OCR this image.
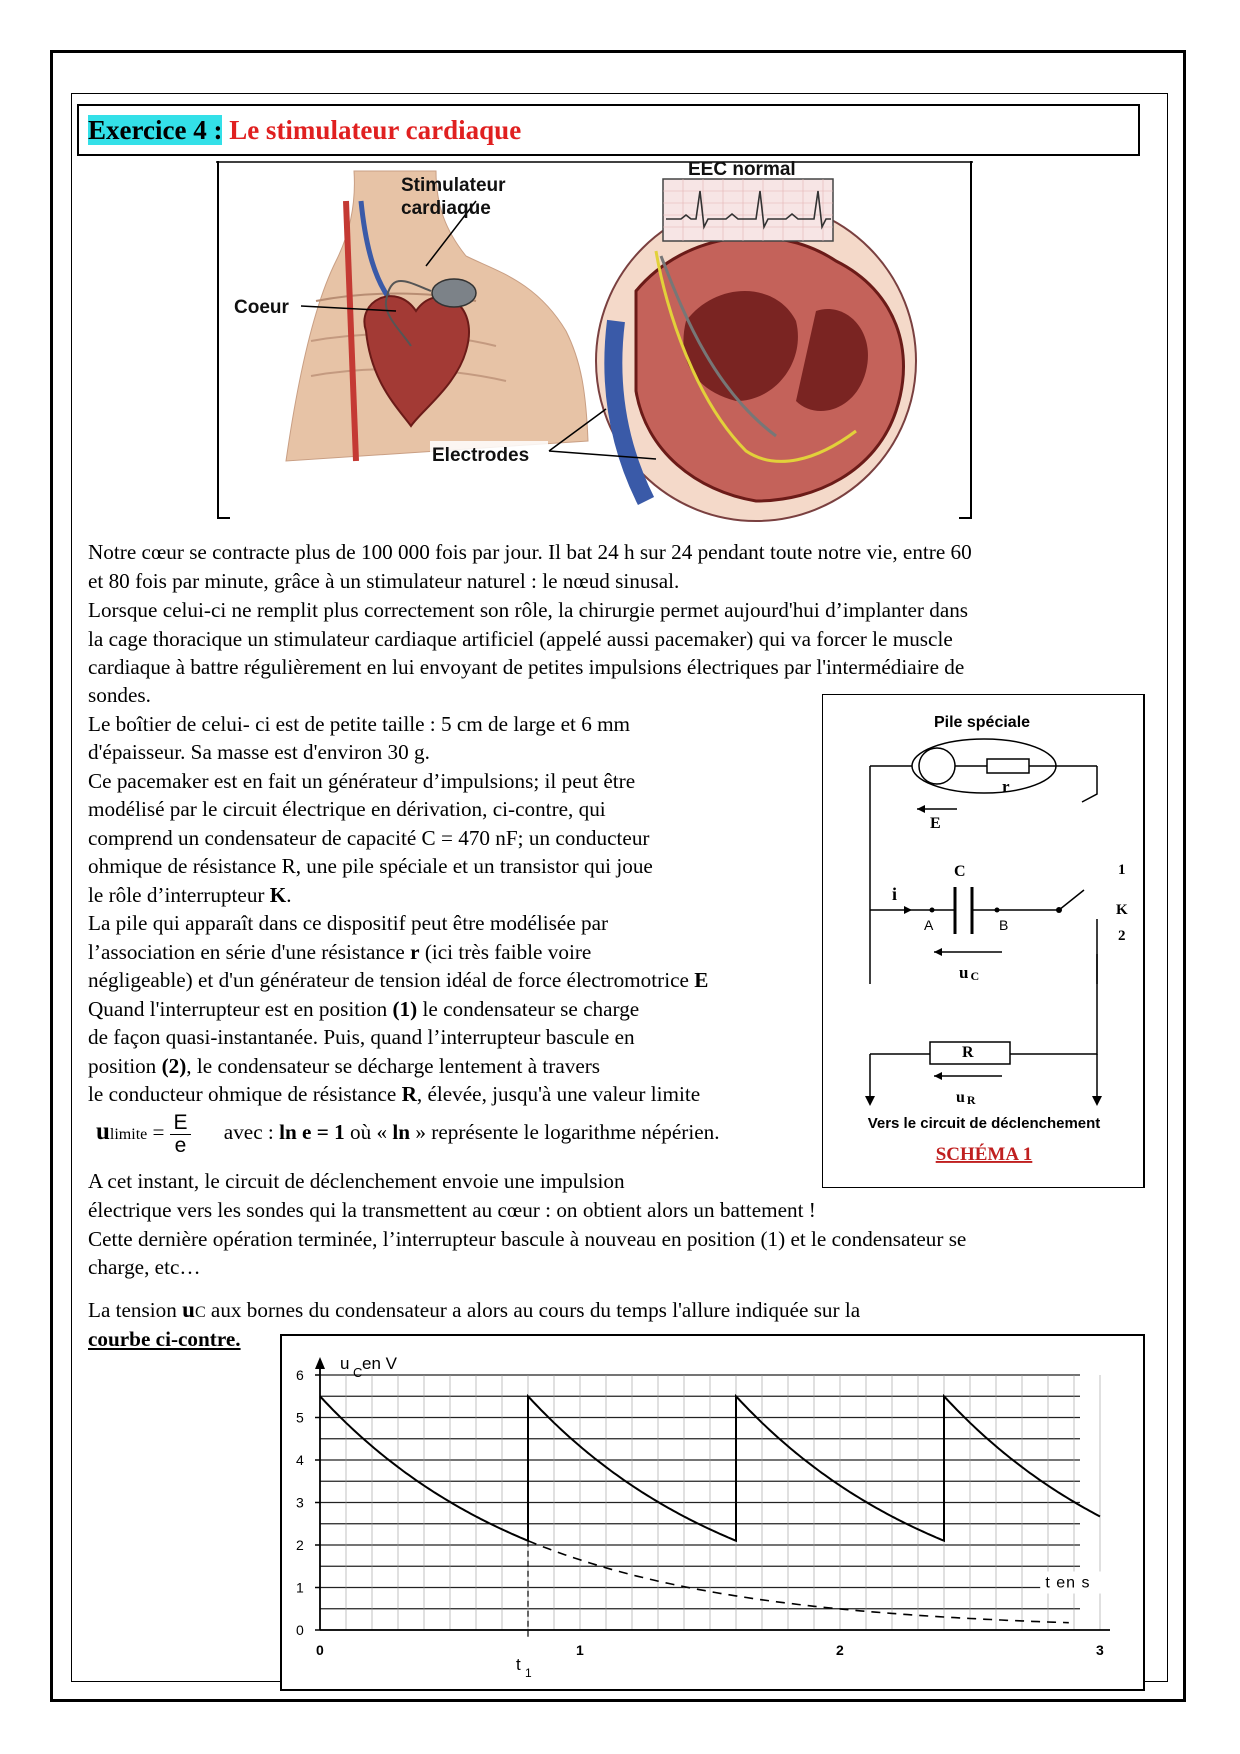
Exercice 4 : Le stimulateur cardiaque
Stimulateur
cardiaque
Coeur
EEC normal
Electrodes
Notre cœur se contracte plus de 100 000 fois par jour. Il bat 24 h sur 24 pendant toute notre vie, entre 60
et 80 fois par minute, grâce à un stimulateur naturel : le nœud sinusal.
Lorsque celui-ci ne remplit plus correctement son rôle, la chirurgie permet aujourd'hui d’implanter dans
la cage thoracique un stimulateur cardiaque artificiel (appelé aussi pacemaker) qui va forcer le muscle
cardiaque à battre régulièrement en lui envoyant de petites impulsions électriques par l'intermédiaire de
sondes.
Le boîtier de celui- ci est de petite taille : 5 cm de large et 6 mm
d'épaisseur. Sa masse est d'environ 30 g.
Ce pacemaker est en fait un générateur d’impulsions; il peut être
modélisé par le circuit électrique en dérivation, ci-contre, qui
comprend un condensateur de capacité C = 470 nF; un conducteur
ohmique de résistance R, une pile spéciale et un transistor qui joue
le rôle d’interrupteur K.
La pile qui apparaît dans ce dispositif peut être modélisée par
l’association en série d'une résistance r (ici très faible voire
négligeable) et d'un générateur de tension idéal de force électromotrice E
Quand l'interrupteur est en position (1) le condensateur se charge
de façon quasi-instantanée. Puis, quand l’interrupteur bascule en
position (2), le condensateur se décharge lentement à travers
le conducteur ohmique de résistance R, élevée, jusqu'à une valeur limite
ulimite = $\frac{E}{e}$ avec : ln e = 1 où « ln » représente le logarithme népérien.
A cet instant, le circuit de déclenchement envoie une impulsion
électrique vers les sondes qui la transmettent au cœur : on obtient alors un battement !
Cette dernière opération terminée, l’interrupteur bascule à nouveau en position (1) et le condensateur se
charge, etc…
La tension uC aux bornes du condensateur a alors au cours du temps l'allure indiquée sur la
courbe ci-contre.
Pile spéciale
r
E
i
C
A	B
u C
1
K
2
R
u R
Vers le circuit de déclenchement
SCHÉMA 1
0
1
2
3
4
5
6
0	1	2	3
t 1
u C en V
t en s
